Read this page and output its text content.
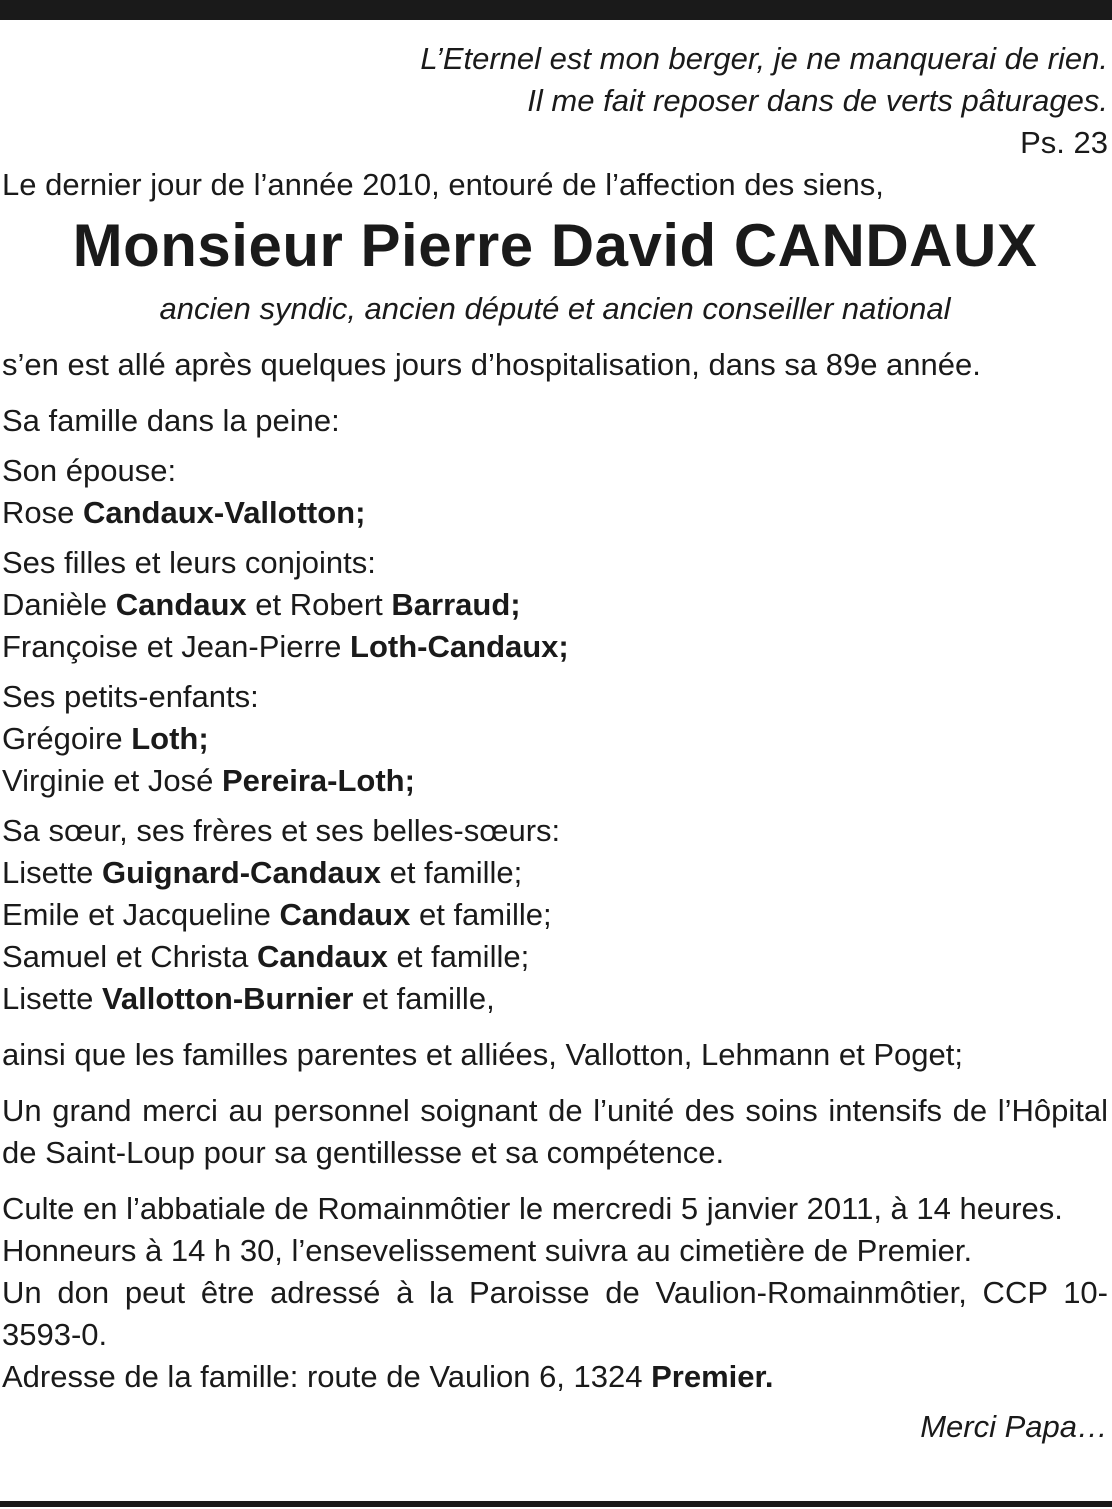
L’Eternel est mon berger, je ne manquerai de rien.
Il me fait reposer dans de verts pâturages.
Ps. 23
Le dernier jour de l’année 2010, entouré de l’affection des siens,
Monsieur Pierre David CANDAUX
ancien syndic, ancien député et ancien conseiller national
s’en est allé après quelques jours d’hospitalisation, dans sa 89e année.
Sa famille dans la peine:
Son épouse:
Rose Candaux-Vallotton;
Ses filles et leurs conjoints:
Danièle Candaux et Robert Barraud;
Françoise et Jean-Pierre Loth-Candaux;
Ses petits-enfants:
Grégoire Loth;
Virginie et José Pereira-Loth;
Sa sœur, ses frères et ses belles-sœurs:
Lisette Guignard-Candaux et famille;
Emile et Jacqueline Candaux et famille;
Samuel et Christa Candaux et famille;
Lisette Vallotton-Burnier et famille,
ainsi que les familles parentes et alliées, Vallotton, Lehmann et Poget;
Un grand merci au personnel soignant de l’unité des soins intensifs de l’Hôpital de Saint-Loup pour sa gentillesse et sa compétence.
Culte en l’abbatiale de Romainmôtier le mercredi 5 janvier 2011, à 14 heures.
Honneurs à 14 h 30, l’ensevelissement suivra au cimetière de Premier.
Un don peut être adressé à la Paroisse de Vaulion-Romainmôtier, CCP 10-3593-0.
Adresse de la famille: route de Vaulion 6, 1324 Premier.
Merci Papa…
